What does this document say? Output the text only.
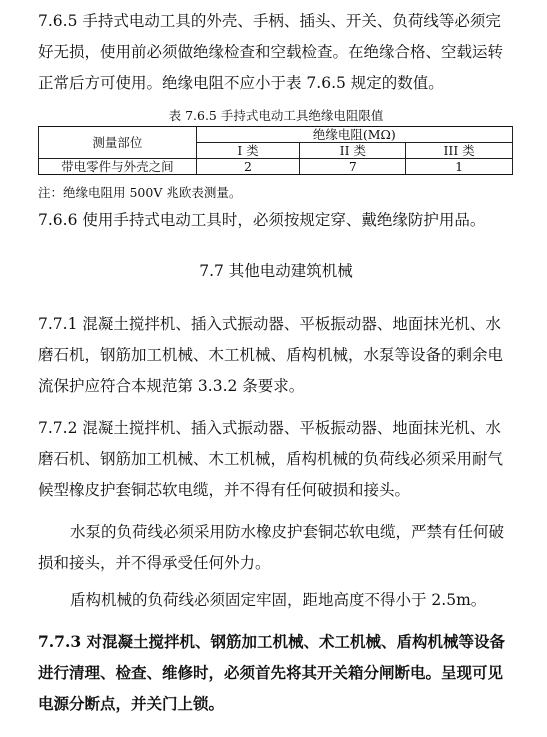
7.6.5 手持式电动工具的外壳、手柄、插头、开关、负荷线等必须完
好无损，使用前必须做绝缘检查和空载检查。在绝缘合格、空载运转
正常后方可使用。绝缘电阻不应小于表 7.6.5 规定的数值。
表 7.6.5 手持式电动工具绝缘电阻限值
测量部位	绝缘电阻(MΩ)		
	I 类	II 类	III 类
带电零件与外壳之间	2	7	1
注：绝缘电阻用 500V 兆欧表测量。
7.6.6 使用手持式电动工具时，必须按规定穿、戴绝缘防护用品。
7.7 其他电动建筑机械
7.7.1 混凝土搅拌机、插入式振动器、平板振动器、地面抹光机、水
磨石机，钢筋加工机械、木工机械、盾构机械，水泵等设备的剩余电
流保护应符合本规范第 3.3.2 条要求。
7.7.2 混凝土搅拌机、插入式振动器、平板振动器、地面抹光机、水
磨石机、钢筋加工机械、木工机械，盾构机械的负荷线必须采用耐气
候型橡皮护套铜芯软电缆，并不得有任何破损和接头。
水泵的负荷线必须采用防水橡皮护套铜芯软电缆，严禁有任何破
损和接头，并不得承受任何外力。
盾构机械的负荷线必须固定牢固，距地高度不得小于 2.5m。
7.7.3 对混凝土搅拌机、钢筋加工机械、术工机械、盾构机械等设备
进行清理、检查、维修时，必须首先将其开关箱分闸断电。呈现可见
电源分断点，并关门上锁。
